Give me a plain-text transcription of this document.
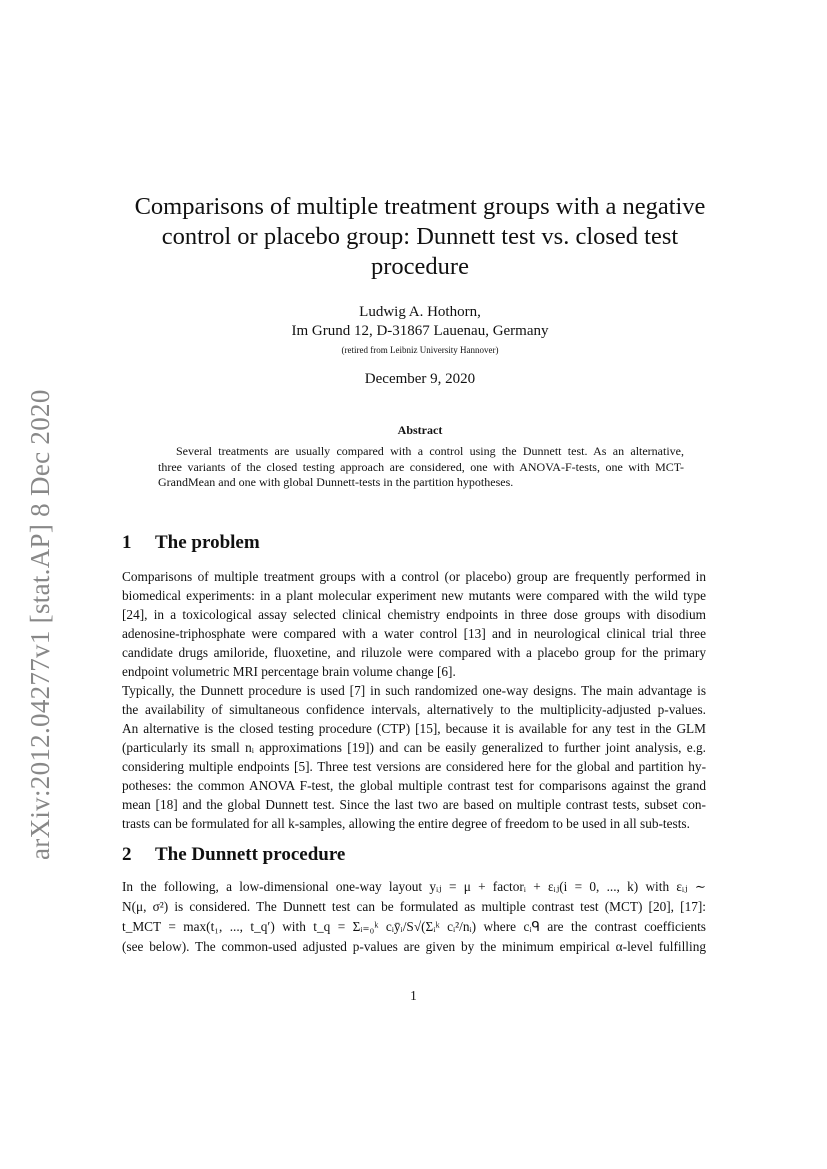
arXiv:2012.04277v1 [stat.AP] 8 Dec 2020
Comparisons of multiple treatment groups with a negative
control or placebo group: Dunnett test vs. closed test
procedure
Ludwig A. Hothorn,
Im Grund 12, D-31867 Lauenau, Germany
(retired from Leibniz University Hannover)
December 9, 2020
Abstract
Several treatments are usually compared with a control using the Dunnett test. As an alternative,
three variants of the closed testing approach are considered, one with ANOVA-F-tests, one with MCT-
GrandMean and one with global Dunnett-tests in the partition hypotheses.
1 The problem
Comparisons of multiple treatment groups with a control (or placebo) group are frequently performed in
biomedical experiments: in a plant molecular experiment new mutants were compared with the wild type
[24], in a toxicological assay selected clinical chemistry endpoints in three dose groups with disodium
adenosine-triphosphate were compared with a water control [13] and in neurological clinical trial three
candidate drugs amiloride, fluoxetine, and riluzole were compared with a placebo group for the primary
endpoint volumetric MRI percentage brain volume change [6].
Typically, the Dunnett procedure is used [7] in such randomized one-way designs. The main advantage is
the availability of simultaneous confidence intervals, alternatively to the multiplicity-adjusted p-values.
An alternative is the closed testing procedure (CTP) [15], because it is available for any test in the GLM
(particularly its small nᵢ approximations [19]) and can be easily generalized to further joint analysis, e.g.
considering multiple endpoints [5]. Three test versions are considered here for the global and partition hy-
potheses: the common ANOVA F-test, the global multiple contrast test for comparisons against the grand
mean [18] and the global Dunnett test. Since the last two are based on multiple contrast tests, subset con-
trasts can be formulated for all k-samples, allowing the entire degree of freedom to be used in all sub-tests.
2 The Dunnett procedure
In the following, a low-dimensional one-way layout yᵢⱼ = μ + factorᵢ + εᵢⱼ(i = 0, ..., k) with εᵢⱼ ∼
N(μ, σ²) is considered. The Dunnett test can be formulated as multiple contrast test (MCT) [20], [17]:
t_MCT = max(t₁, ..., t_q′) with t_q = Σᵢ₌₀ᵏ cᵢȳᵢ/S√(Σᵢᵏ cᵢ²/nᵢ) where cᵢᑫ are the contrast coefficients
(see below). The common-used adjusted p-values are given by the minimum empirical α-level fulfilling
1
